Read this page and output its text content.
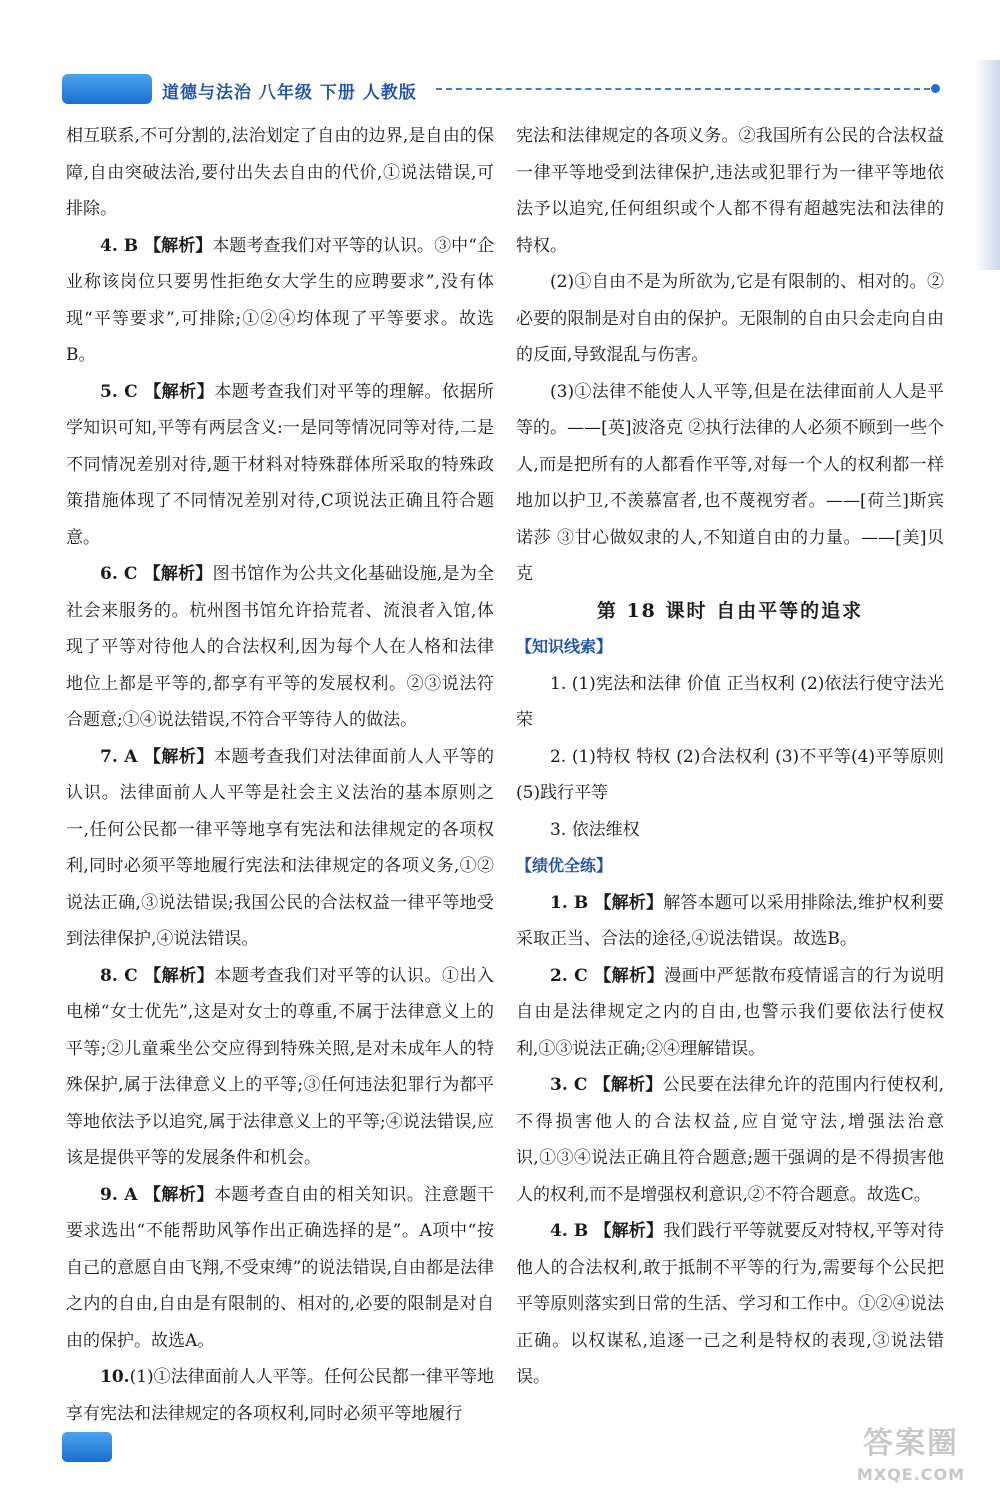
道德与法治 八年级 下册 人教版

相互联系,不可分割的,法治划定了自由的边界,是自由的保障,自由突破法治,要付出失去自由的代价,①说法错误,可排除。

4. B 【解析】本题考查我们对平等的认识。③中“企业称该岗位只要男性拒绝女大学生的应聘要求”,没有体现“平等要求”,可排除;①②④均体现了平等要求。故选B。

5. C 【解析】本题考查我们对平等的理解。依据所学知识可知,平等有两层含义:一是同等情况同等对待,二是不同情况差别对待,题干材料对特殊群体所采取的特殊政策措施体现了不同情况差别对待,C项说法正确且符合题意。

6. C 【解析】图书馆作为公共文化基础设施,是为全社会来服务的。杭州图书馆允许拾荒者、流浪者入馆,体现了平等对待他人的合法权利,因为每个人在人格和法律地位上都是平等的,都享有平等的发展权利。②③说法符合题意;①④说法错误,不符合平等待人的做法。

7. A 【解析】本题考查我们对法律面前人人平等的认识。法律面前人人平等是社会主义法治的基本原则之一,任何公民都一律平等地享有宪法和法律规定的各项权利,同时必须平等地履行宪法和法律规定的各项义务,①②说法正确,③说法错误;我国公民的合法权益一律平等地受到法律保护,④说法错误。

8. C 【解析】本题考查我们对平等的认识。①出入电梯“女士优先”,这是对女士的尊重,不属于法律意义上的平等;②儿童乘坐公交应得到特殊关照,是对未成年人的特殊保护,属于法律意义上的平等;③任何违法犯罪行为都平等地依法予以追究,属于法律意义上的平等;④说法错误,应该是提供平等的发展条件和机会。

9. A 【解析】本题考查自由的相关知识。注意题干要求选出“不能帮助风筝作出正确选择的是”。A项中“按自己的意愿自由飞翔,不受束缚”的说法错误,自由都是法律之内的自由,自由是有限制的、相对的,必要的限制是对自由的保护。故选A。

10.(1)①法律面前人人平等。任何公民都一律平等地享有宪法和法律规定的各项权利,同时必须平等地履行

宪法和法律规定的各项义务。②我国所有公民的合法权益一律平等地受到法律保护,违法或犯罪行为一律平等地依法予以追究,任何组织或个人都不得有超越宪法和法律的特权。

(2)①自由不是为所欲为,它是有限制的、相对的。②必要的限制是对自由的保护。无限制的自由只会走向自由的反面,导致混乱与伤害。

(3)①法律不能使人人平等,但是在法律面前人人是平等的。——[英]波洛克 ②执行法律的人必须不顾到一些个人,而是把所有的人都看作平等,对每一个人的权利都一样地加以护卫,不羡慕富者,也不蔑视穷者。——[荷兰]斯宾诺莎 ③甘心做奴隶的人,不知道自由的力量。——[美]贝克

第 18 课时 自由平等的追求

【知识线索】

1. (1)宪法和法律 价值 正当权利 (2)依法行使守法光荣

2. (1)特权 特权 (2)合法权利 (3)不平等(4)平等原则 (5)践行平等

3. 依法维权

【绩优全练】

1. B 【解析】解答本题可以采用排除法,维护权利要采取正当、合法的途径,④说法错误。故选B。

2. C 【解析】漫画中严惩散布疫情谣言的行为说明自由是法律规定之内的自由,也警示我们要依法行使权利,①③说法正确;②④理解错误。

3. C 【解析】公民要在法律允许的范围内行使权利,不得损害他人的合法权益,应自觉守法,增强法治意识,①③④说法正确且符合题意;题干强调的是不得损害他人的权利,而不是增强权利意识,②不符合题意。故选C。

4. B 【解析】我们践行平等就要反对特权,平等对待他人的合法权利,敢于抵制不平等的行为,需要每个公民把平等原则落实到日常的生活、学习和工作中。①②④说法正确。以权谋私,追逐一己之利是特权的表现,③说法错误。

答案圈
MXQE.COM
